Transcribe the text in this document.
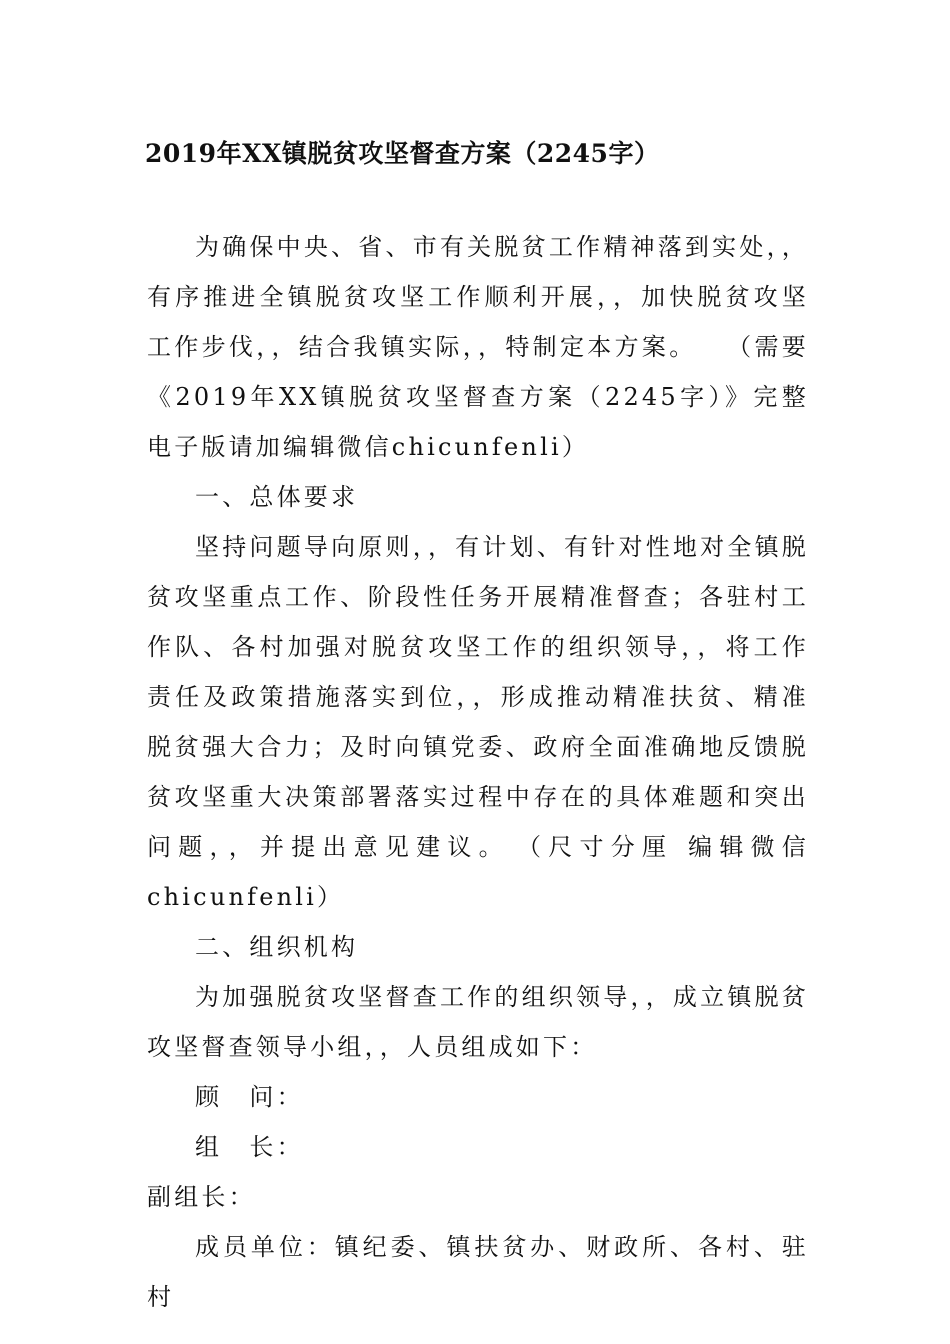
2019年XX镇脱贫攻坚督查方案（2245字）

为确保中央、省、市有关脱贫工作精神落到实处，，有序推进全镇脱贫攻坚工作顺利开展，，加快脱贫攻坚工作步伐，，结合我镇实际，，特制定本方案。　　（需要《2019年XX镇脱贫攻坚督查方案（2245字）》完整电子版请加编辑微信chicunfenli）

一、总体要求

坚持问题导向原则，，有计划、有针对性地对全镇脱贫攻坚重点工作、阶段性任务开展精准督查；各驻村工作队、各村加强对脱贫攻坚工作的组织领导，，将工作责任及政策措施落实到位，，形成推动精准扶贫、精准脱贫强大合力；及时向镇党委、政府全面准确地反馈脱贫攻坚重大决策部署落实过程中存在的具体难题和突出问题，，并提出意见建议。　（尺寸分厘 编辑微信chicunfenli）

二、组织机构

为加强脱贫攻坚督查工作的组织领导，，成立镇脱贫攻坚督查领导小组，，人员组成如下：

顾　问：

组　长：

副组长：

成员单位：镇纪委、镇扶贫办、财政所、各村、驻村
